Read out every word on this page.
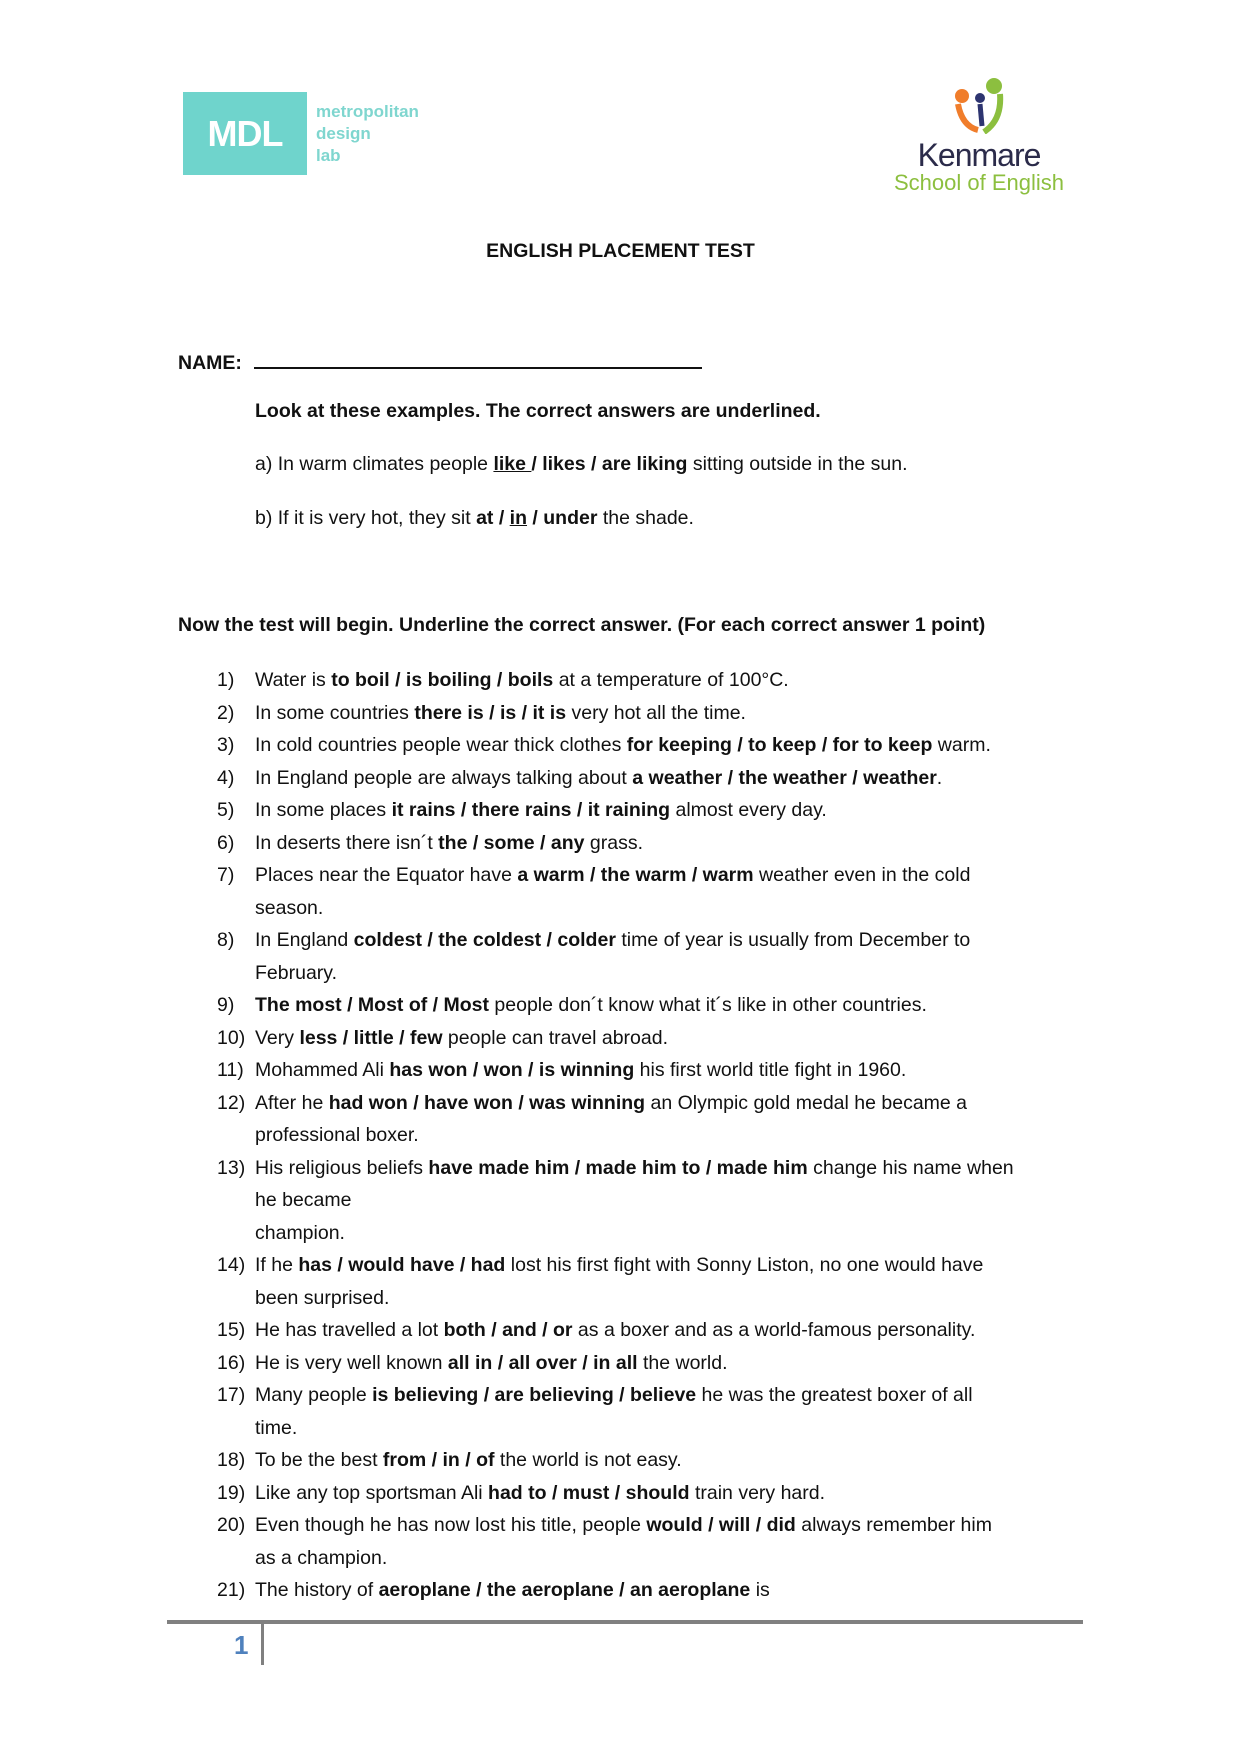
MDL
metropolitan
design
lab	Kenmare
School of English
ENGLISH PLACEMENT TEST
NAME:
Look at these examples. The correct answers are underlined.
a) In warm climates people like / likes / are liking sitting outside in the sun.
b) If it is very hot, they sit at / in / under the shade.
Now the test will begin. Underline the correct answer. (For each correct answer 1 point)
1)	Water is to boil / is boiling / boils at a temperature of 100°C.
2)	In some countries there is / is / it is very hot all the time.
3)	In cold countries people wear thick clothes for keeping / to keep / for to keep warm.
4)	In England people are always talking about a weather / the weather / weather.
5)	In some places it rains / there rains / it raining almost every day.
6)	In deserts there isn´t the / some / any grass.
7)	Places near the Equator have a warm / the warm / warm weather even in the cold
season.
8)	In England coldest / the coldest / colder time of year is usually from December to
February.
9)	The most / Most of / Most people don´t know what it´s like in other countries.
10) Very less / little / few people can travel abroad.
11) Mohammed Ali has won / won / is winning his first world title fight in 1960.
12) After he had won / have won / was winning an Olympic gold medal he became a
professional boxer.
13) His religious beliefs have made him / made him to / made him change his name when
he became
champion.
14) If he has / would have / had lost his first fight with Sonny Liston, no one would have
been surprised.
15) He has travelled a lot both / and / or as a boxer and as a world-famous personality.
16) He is very well known all in / all over / in all the world.
17) Many people is believing / are believing / believe he was the greatest boxer of all
time.
18) To be the best from / in / of the world is not easy.
19) Like any top sportsman Ali had to / must / should train very hard.
20) Even though he has now lost his title, people would / will / did always remember him
as a champion.
21) The history of aeroplane / the aeroplane / an aeroplane is
1
